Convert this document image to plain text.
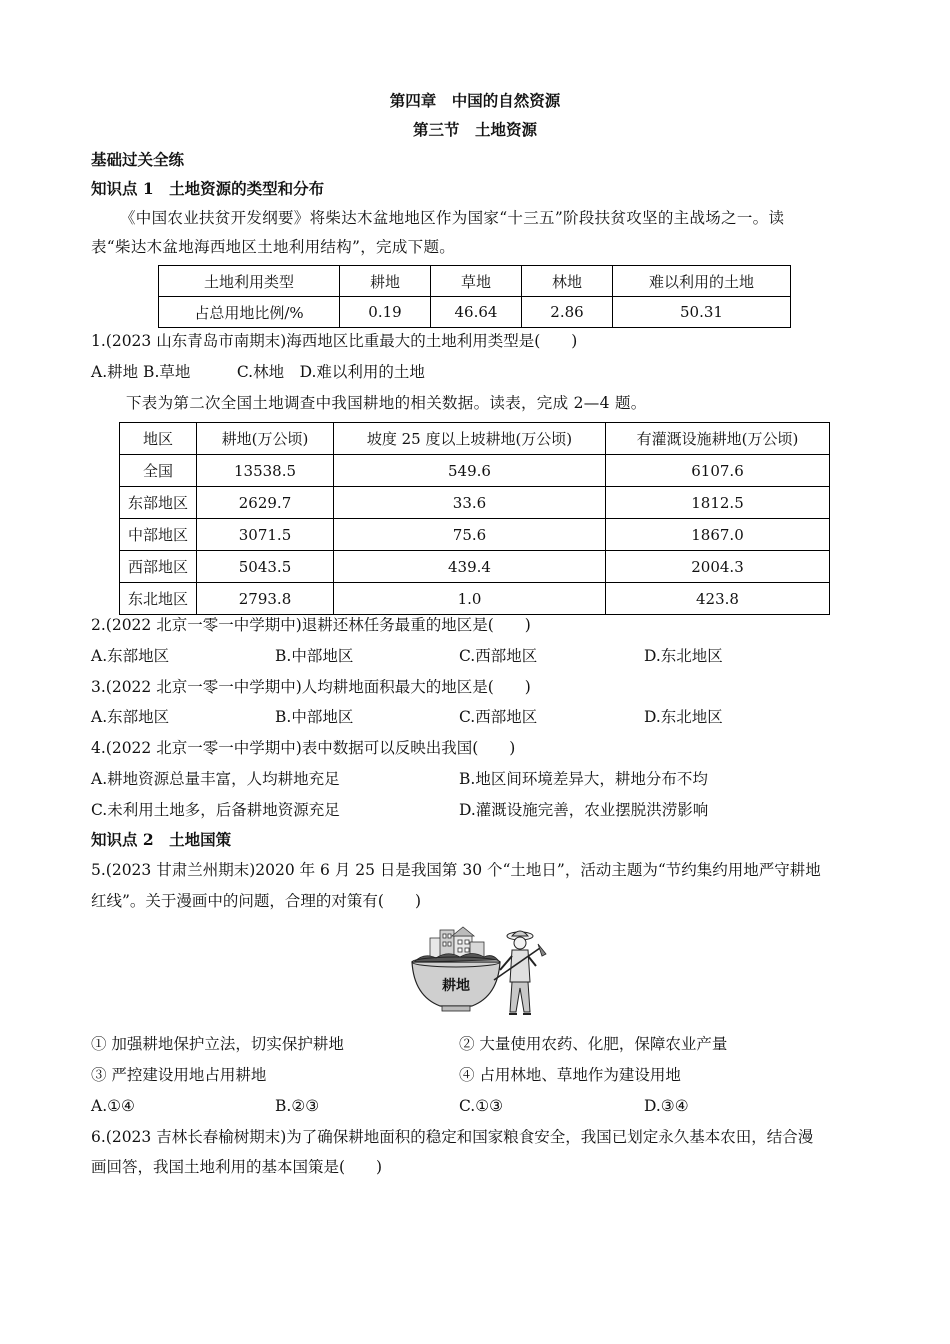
第四章　中国的自然资源
第三节　土地资源
基础过关全练
知识点 1　土地资源的类型和分布
《中国农业扶贫开发纲要》将柴达木盆地地区作为国家“十三五”阶段扶贫攻坚的主战场之一。读
表“柴达木盆地海西地区土地利用结构”，完成下题。
土地利用类型	耕地	草地	林地	难以利用的土地
占总用地比例/%	0.19	46.64	2.86	50.31
1.(2023 山东青岛市南期末)海西地区比重最大的土地利用类型是(　　)
A.耕地 B.草地　　　C.林地　D.难以利用的土地
下表为第二次全国土地调查中我国耕地的相关数据。读表，完成 2—4 题。
地区	耕地(万公顷)	坡度 25 度以上坡耕地(万公顷)	有灌溉设施耕地(万公顷)
全国	13538.5	549.6	6107.6
东部地区	2629.7	33.6	1812.5
中部地区	3071.5	75.6	1867.0
西部地区	5043.5	439.4	2004.3
东北地区	2793.8	1.0	423.8
2.(2022 北京一零一中学期中)退耕还林任务最重的地区是(　　)
A.东部地区	B.中部地区	C.西部地区	D.东北地区
3.(2022 北京一零一中学期中)人均耕地面积最大的地区是(　　)
A.东部地区	B.中部地区	C.西部地区	D.东北地区
4.(2022 北京一零一中学期中)表中数据可以反映出我国(　　)
A.耕地资源总量丰富，人均耕地充足	B.地区间环境差异大，耕地分布不均
C.未利用土地多，后备耕地资源充足	D.灌溉设施完善，农业摆脱洪涝影响
知识点 2　土地国策
5.(2023 甘肃兰州期末)2020 年 6 月 25 日是我国第 30 个“土地日”，活动主题为“节约集约用地严守耕地
红线”。关于漫画中的问题，合理的对策有(　　)
耕地
① 加强耕地保护立法，切实保护耕地	② 大量使用农药、化肥，保障农业产量
③ 严控建设用地占用耕地	④ 占用林地、草地作为建设用地
A.①④	B.②③	C.①③	D.③④
6.(2023 吉林长春榆树期末)为了确保耕地面积的稳定和国家粮食安全，我国已划定永久基本农田，结合漫
画回答，我国土地利用的基本国策是(　　)
